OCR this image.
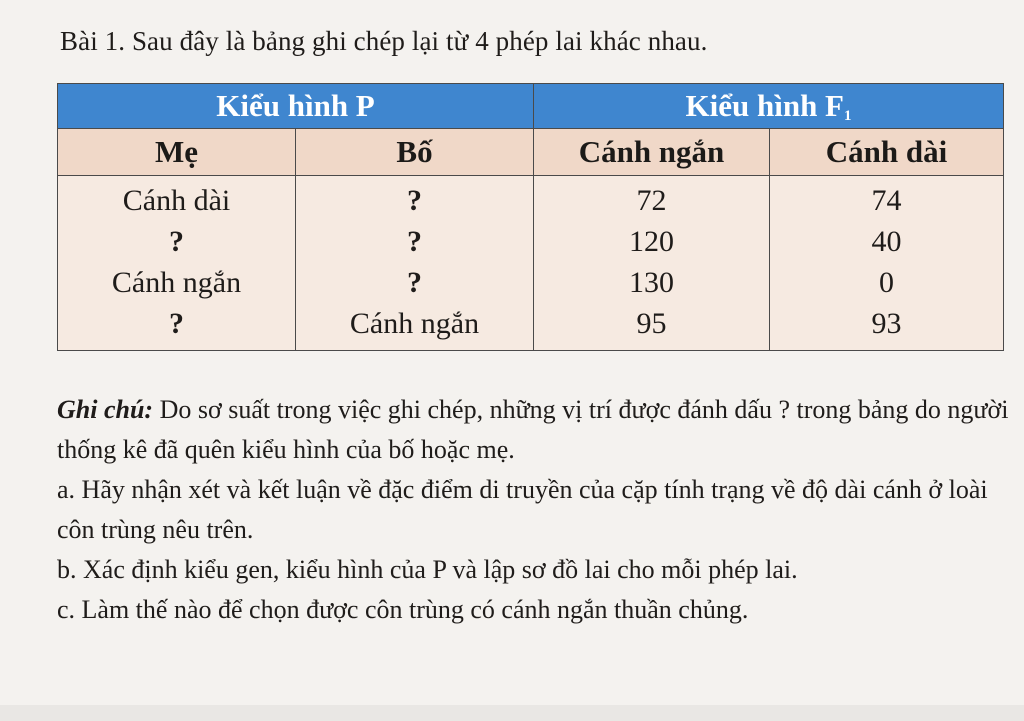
Bài 1. Sau đây là bảng ghi chép lại từ 4 phép lai khác nhau.
Kiểu hình P		Kiểu hình $F_1$
Mẹ	Bố	Cánh ngắn	Cánh dài
Cánh dài	?	72	74
?	?	120	40
Cánh ngắn	?	130	0
?	Cánh ngắn	95	93

Ghi chú: Do sơ suất trong việc ghi chép, những vị trí được đánh dấu ? trong bảng do người thống kê đã quên kiểu hình của bố hoặc mẹ.

a. Hãy nhận xét và kết luận về đặc điểm di truyền của cặp tính trạng về độ dài cánh ở loài côn trùng nêu trên.

b. Xác định kiểu gen, kiểu hình của P và lập sơ đồ lai cho mỗi phép lai.

c. Làm thế nào để chọn được côn trùng có cánh ngắn thuần chủng.
